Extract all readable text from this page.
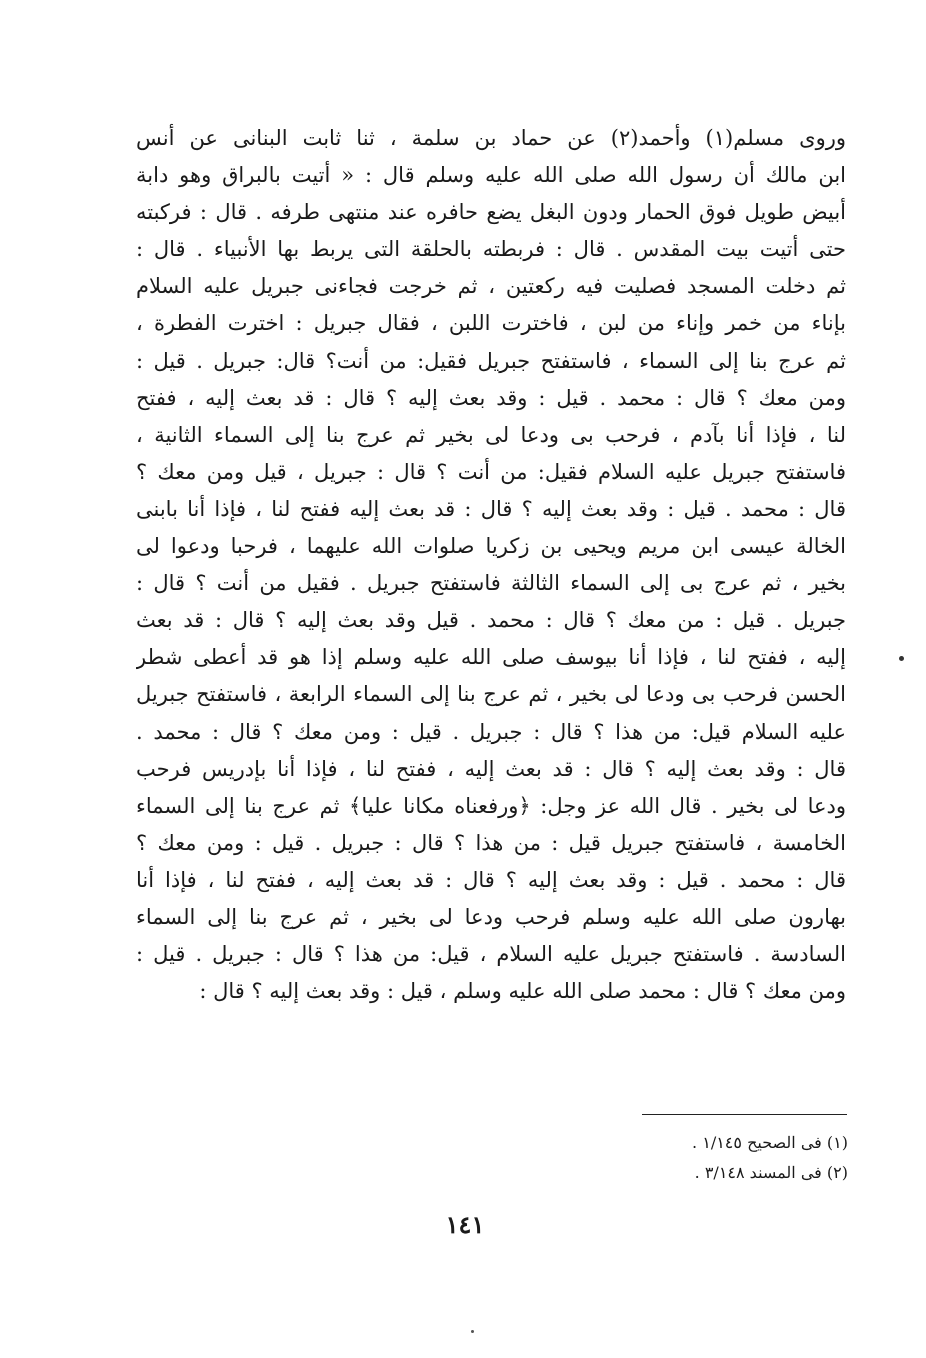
وروى مسلم(١) وأحمد(٢) عن حماد بن سلمة ، ثنا ثابت البنانى عن أنس
ابن مالك أن رسول الله صلى الله عليه وسلم قال : « أتيت بالبراق وهو دابة
أبيض طويل فوق الحمار ودون البغل يضع حافره عند منتهى طرفه . قال : فركبته
حتى أتيت بيت المقدس . قال : فربطته بالحلقة التى يربط بها الأنبياء . قال :
ثم دخلت المسجد فصليت فيه ركعتين ، ثم خرجت فجاءنى جبريل عليه السلام
بإناء من خمر وإناء من لبن ، فاخترت اللبن ، فقال جبريل : اخترت الفطرة ،
ثم عرج بنا إلى السماء ، فاستفتح جبريل فقيل: من أنت؟ قال: جبريل . قيل :
ومن معك ؟ قال : محمد . قيل : وقد بعث إليه ؟ قال : قد بعث إليه ، ففتح
لنا ، فإذا أنا بآدم ، فرحب بى ودعا لى بخير ثم عرج بنا إلى السماء الثانية ،
فاستفتح جبريل عليه السلام فقيل: من أنت ؟ قال : جبريل ، قيل ومن معك ؟
قال : محمد . قيل : وقد بعث إليه ؟ قال : قد بعث إليه ففتح لنا ، فإذا أنا بابنى
الخالة عيسى ابن مريم ويحيى بن زكريا صلوات الله عليهما ، فرحبا ودعوا لى
بخير ، ثم عرج بى إلى السماء الثالثة فاستفتح جبريل . فقيل من أنت ؟ قال :
جبريل . قيل : من معك ؟ قال : محمد . قيل وقد بعث إليه ؟ قال : قد بعث
إليه ، ففتح لنا ، فإذا أنا بيوسف صلى الله عليه وسلم إذا هو قد أعطى شطر
الحسن فرحب بى ودعا لى بخير ، ثم عرج بنا إلى السماء الرابعة ، فاستفتح جبريل
عليه السلام قيل: من هذا ؟ قال : جبريل . قيل : ومن معك ؟ قال : محمد .
قال : وقد بعث إليه ؟ قال : قد بعث إليه ، ففتح لنا ، فإذا أنا بإدريس فرحب
ودعا لى بخير . قال الله عز وجل: ﴿ورفعناه مكانا عليا﴾ ثم عرج بنا إلى السماء
الخامسة ، فاستفتح جبريل قيل : من هذا ؟ قال : جبريل . قيل : ومن معك ؟
قال : محمد . قيل : وقد بعث إليه ؟ قال : قد بعث إليه ، ففتح لنا ، فإذا أنا
بهارون صلى الله عليه وسلم فرحب ودعا لى بخير ، ثم عرج بنا إلى السماء
السادسة . فاستفتح جبريل عليه السلام ، قيل: من هذا ؟ قال : جبريل . قيل :
ومن معك ؟ قال : محمد صلى الله عليه وسلم ، قيل : وقد بعث إليه ؟ قال :
(١) فى الصحيح ١/١٤٥ .
(٢) فى المسند ٣/١٤٨ .
١٤١
